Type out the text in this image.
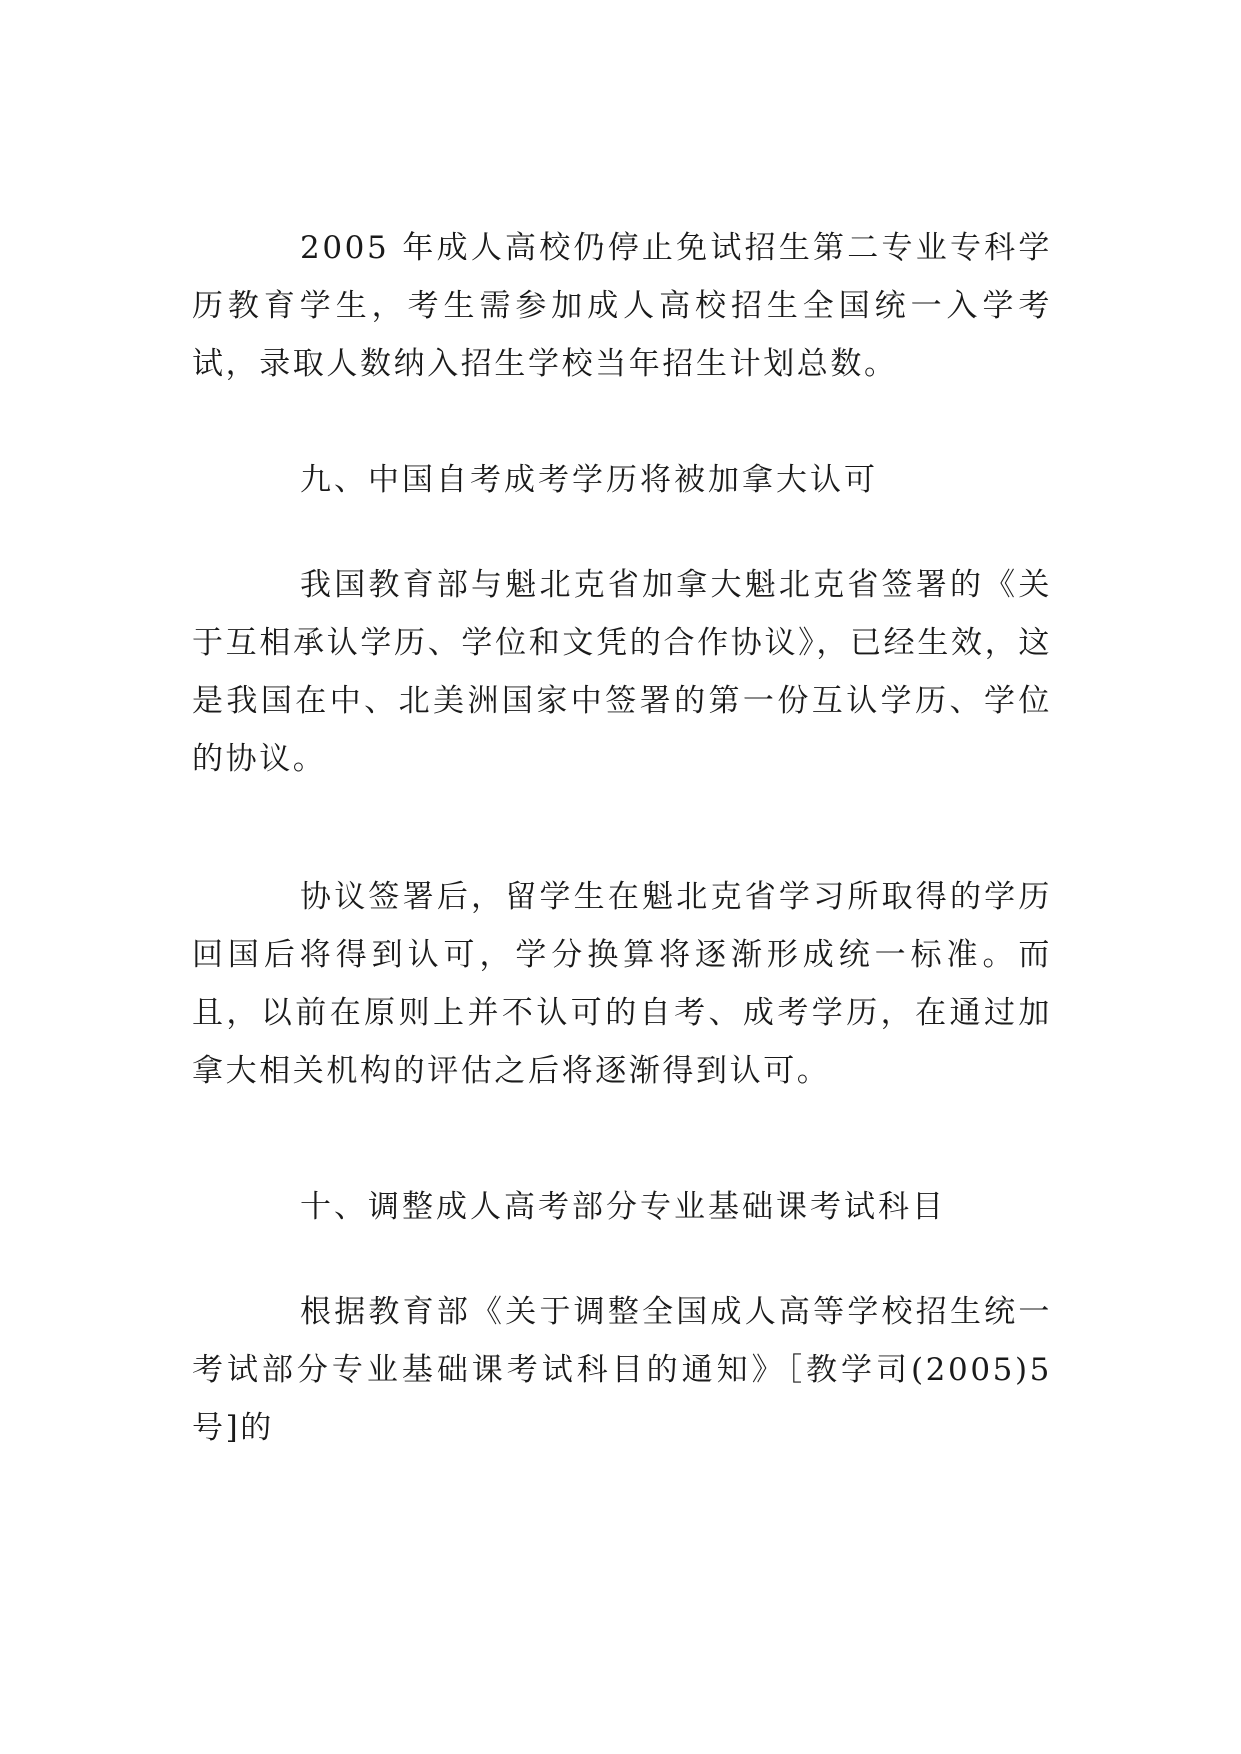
2005 年成人高校仍停止免试招生第二专业专科学历教育学生，考生需参加成人高校招生全国统一入学考试，录取人数纳入招生学校当年招生计划总数。

九、中国自考成考学历将被加拿大认可

我国教育部与魁北克省加拿大魁北克省签署的《关于互相承认学历、学位和文凭的合作协议》，已经生效，这是我国在中、北美洲国家中签署的第一份互认学历、学位的协议。

协议签署后，留学生在魁北克省学习所取得的学历回国后将得到认可，学分换算将逐渐形成统一标准。而且，以前在原则上并不认可的自考、成考学历，在通过加拿大相关机构的评估之后将逐渐得到认可。

十、调整成人高考部分专业基础课考试科目

根据教育部《关于调整全国成人高等学校招生统一考试部分专业基础课考试科目的通知》［教学司(2005)5 号]的
